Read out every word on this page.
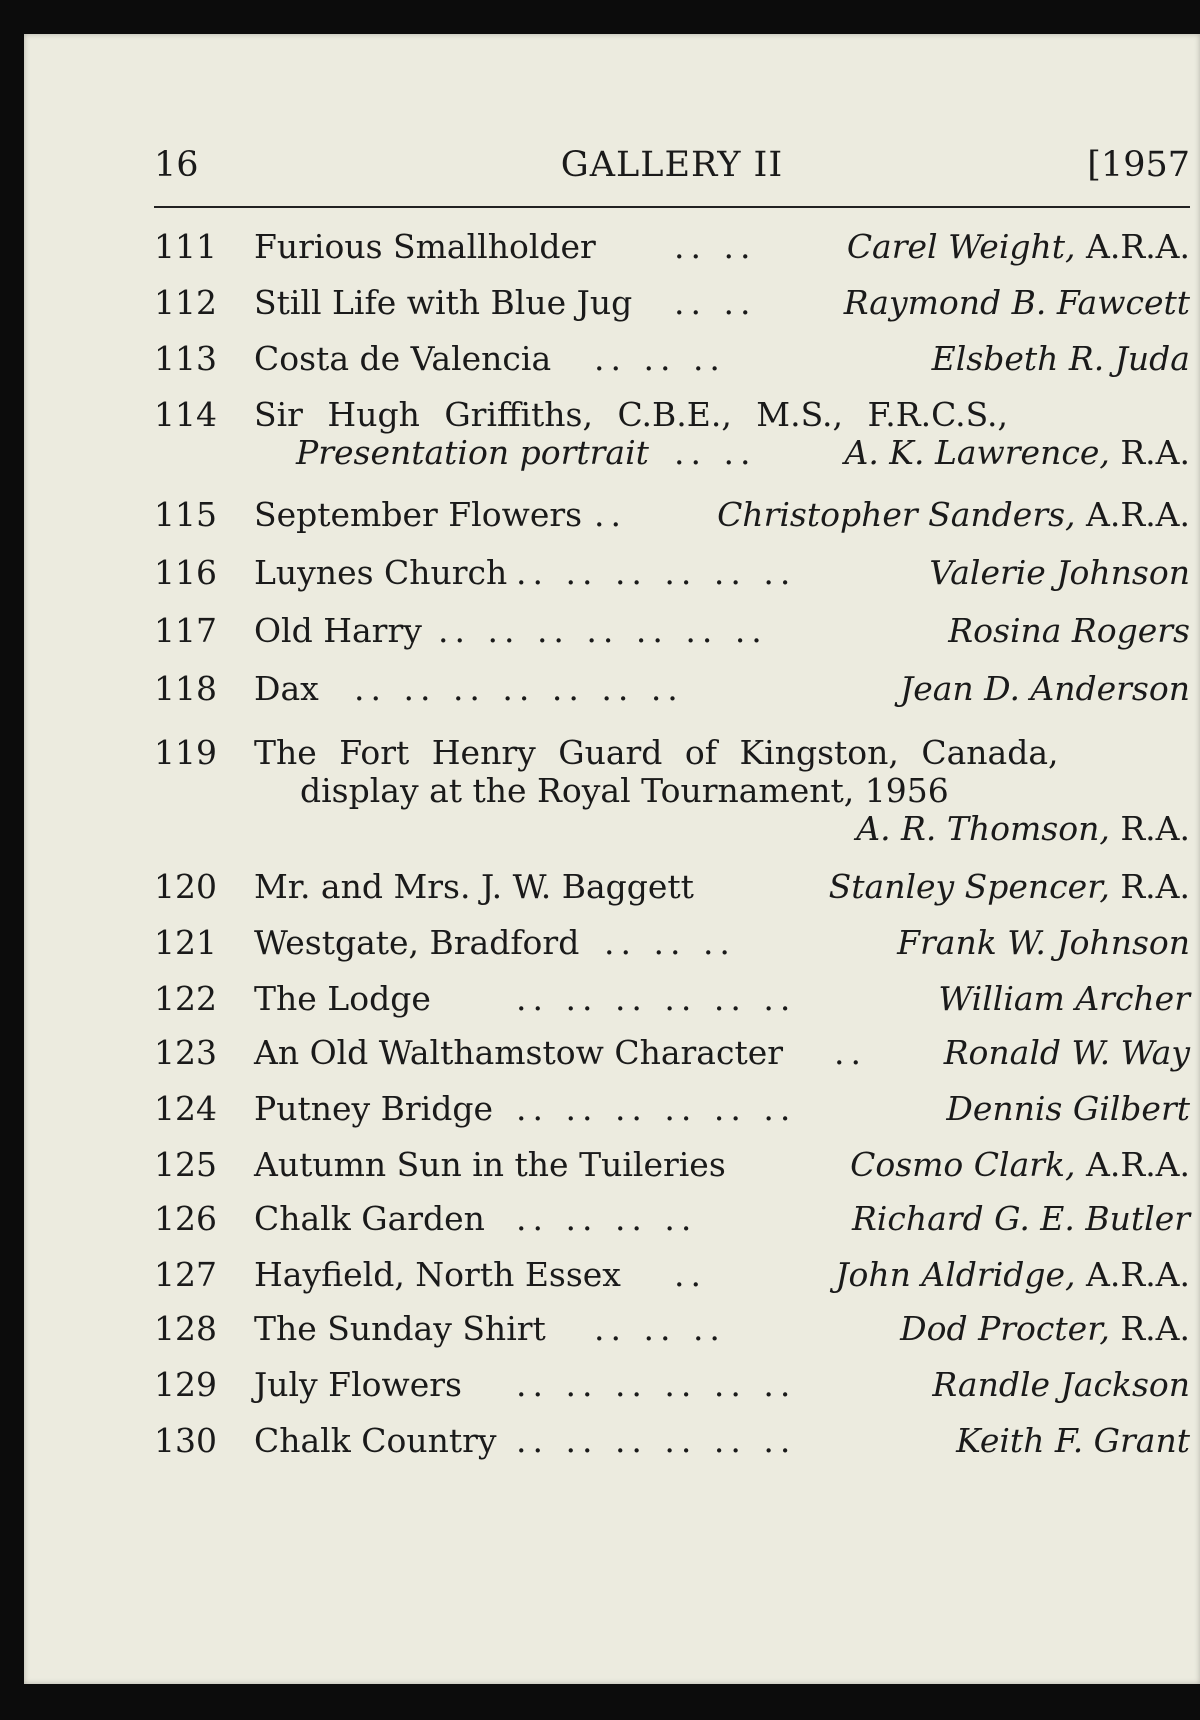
16	GALLERY II	[1957
111 Furious Smallholder .. ..	Carel Weight, A.R.A.
112 Still Life with Blue Jug .. ..	Raymond B. Fawcett
113 Costa de Valencia .. .. ..	Elsbeth R. Juda
114 Sir Hugh Griffiths, C.B.E., M.S., F.R.C.S.,
Presentation portrait .. ..	A. K. Lawrence, R.A.
115 September Flowers ..	Christopher Sanders, A.R.A.
116 Luynes Church .. .. .. .. .. ..	Valerie Johnson
117 Old Harry .. .. .. .. .. .. ..	Rosina Rogers
118 Dax .. .. .. .. .. .. ..	Jean D. Anderson
119 The Fort Henry Guard of Kingston, Canada,
display at the Royal Tournament, 1956
A. R. Thomson, R.A.
120 Mr. and Mrs. J. W. Baggett	Stanley Spencer, R.A.
121 Westgate, Bradford .. .. ..	Frank W. Johnson
122 The Lodge	.. .. .. .. .. ..	William Archer
123 An Old Walthamstow Character .. Ronald W. Way
124 Putney Bridge .. .. .. .. .. ..	Dennis Gilbert
125 Autumn Sun in the Tuileries	Cosmo Clark, A.R.A.
126 Chalk Garden .. .. .. ..	Richard G. E. Butler
127 Hayfield, North Essex ..	John Aldridge, A.R.A.
128 The Sunday Shirt .. .. ..	Dod Procter, R.A.
129 July Flowers .. .. .. .. .. ..	Randle Jackson
130 Chalk Country .. .. .. .. .. ..	Keith F. Grant
